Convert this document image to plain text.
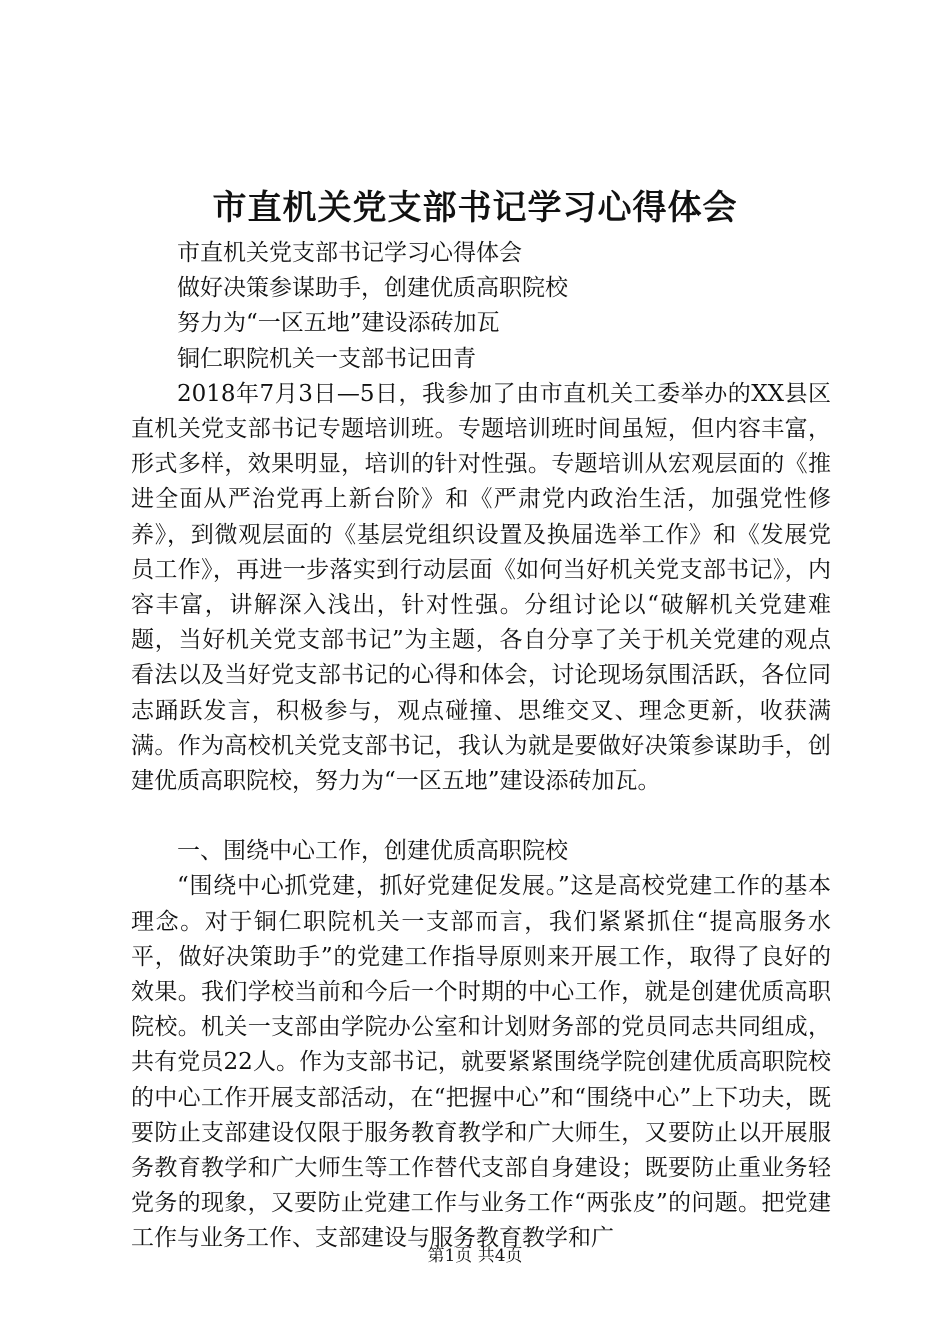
市直机关党支部书记学习心得体会

市直机关党支部书记学习心得体会

做好决策参谋助手，创建优质高职院校

努力为“一区五地”建设添砖加瓦

铜仁职院机关一支部书记田青

2018年7月3日—5日，我参加了由市直机关工委举办的XX县区直机关党支部书记专题培训班。专题培训班时间虽短，但内容丰富，形式多样，效果明显，培训的针对性强。专题培训从宏观层面的《推进全面从严治党再上新台阶》和《严肃党内政治生活，加强党性修养》，到微观层面的《基层党组织设置及换届选举工作》和《发展党员工作》，再进一步落实到行动层面《如何当好机关党支部书记》，内容丰富，讲解深入浅出，针对性强。分组讨论以“破解机关党建难题，当好机关党支部书记”为主题，各自分享了关于机关党建的观点看法以及当好党支部书记的心得和体会，讨论现场氛围活跃，各位同志踊跃发言，积极参与，观点碰撞、思维交叉、理念更新，收获满满。作为高校机关党支部书记，我认为就是要做好决策参谋助手，创建优质高职院校，努力为“一区五地”建设添砖加瓦。

一、围绕中心工作，创建优质高职院校

“围绕中心抓党建，抓好党建促发展。”这是高校党建工作的基本理念。对于铜仁职院机关一支部而言，我们紧紧抓住“提高服务水平，做好决策助手”的党建工作指导原则来开展工作，取得了良好的效果。我们学校当前和今后一个时期的中心工作，就是创建优质高职院校。机关一支部由学院办公室和计划财务部的党员同志共同组成，共有党员22人。作为支部书记，就要紧紧围绕学院创建优质高职院校的中心工作开展支部活动，在“把握中心”和“围绕中心”上下功夫，既要防止支部建设仅限于服务教育教学和广大师生，又要防止以开展服务教育教学和广大师生等工作替代支部自身建设；既要防止重业务轻党务的现象，又要防止党建工作与业务工作“两张皮”的问题。把党建工作与业务工作、支部建设与服务教育教学和广

第1页 共4页
